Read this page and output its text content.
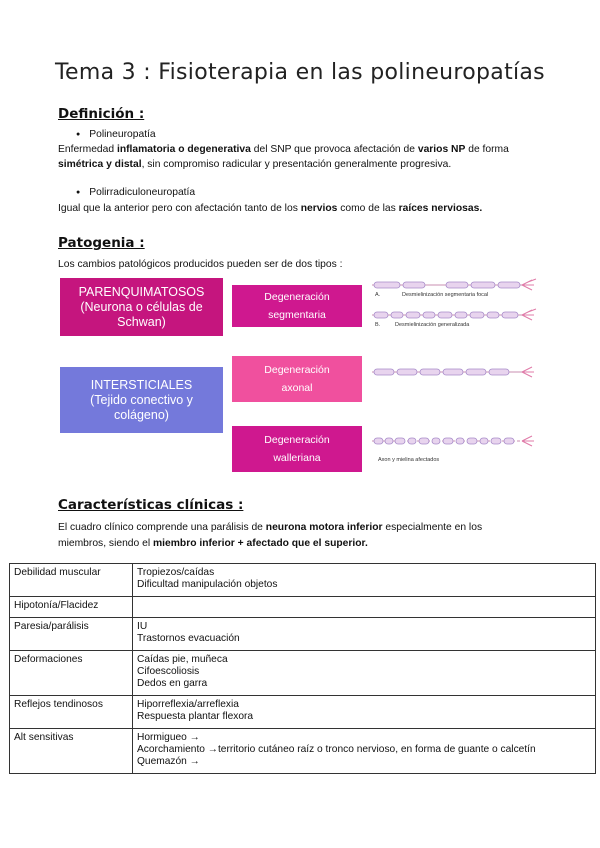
Tema 3 : Fisioterapia en las polineuropatías
Definición :
● Polineuropatía
Enfermedad inflamatoria o degenerativa del SNP que provoca afectación de varios NP de forma
simétrica y distal, sin compromiso radicular y presentación generalmente progresiva.
● Polirradiculoneuropatía
Igual que la anterior pero con afectación tanto de los nervios como de las raíces nerviosas.
Patogenia :
Los cambios patológicos producidos pueden ser de dos tipos :
PARENQUIMATOSOS
(Neurona o células de
Schwan)
INTERSTICIALES
(Tejido conectivo y
colágeno)
Degeneración
segmentaria
Degeneración
axonal
Degeneración
walleriana
A.	Desmielinización segmentaria focal
B.	Desmielinización generalizada
Axon y mielina afectados
Características clínicas :
El cuadro clínico comprende una parálisis de neurona motora inferior especialmente en los
miembros, siendo el miembro inferior + afectado que el superior.
Debilidad muscular	Tropiezos/caídas
Dificultad manipulación objetos

Hipotonía/Flacidez	
Paresia/parálisis	IU
Trastornos evacuación

Deformaciones	Caídas pie, muñeca
Cifoescoliosis
Dedos en garra

Reflejos tendinosos	Hiporreflexia/arreflexia
Respuesta plantar flexora

Alt sensitivas	Hormigueo →
Acorchamiento →territorio cutáneo raíz o tronco nervioso, en forma de guante o calcetín
Quemazón →
